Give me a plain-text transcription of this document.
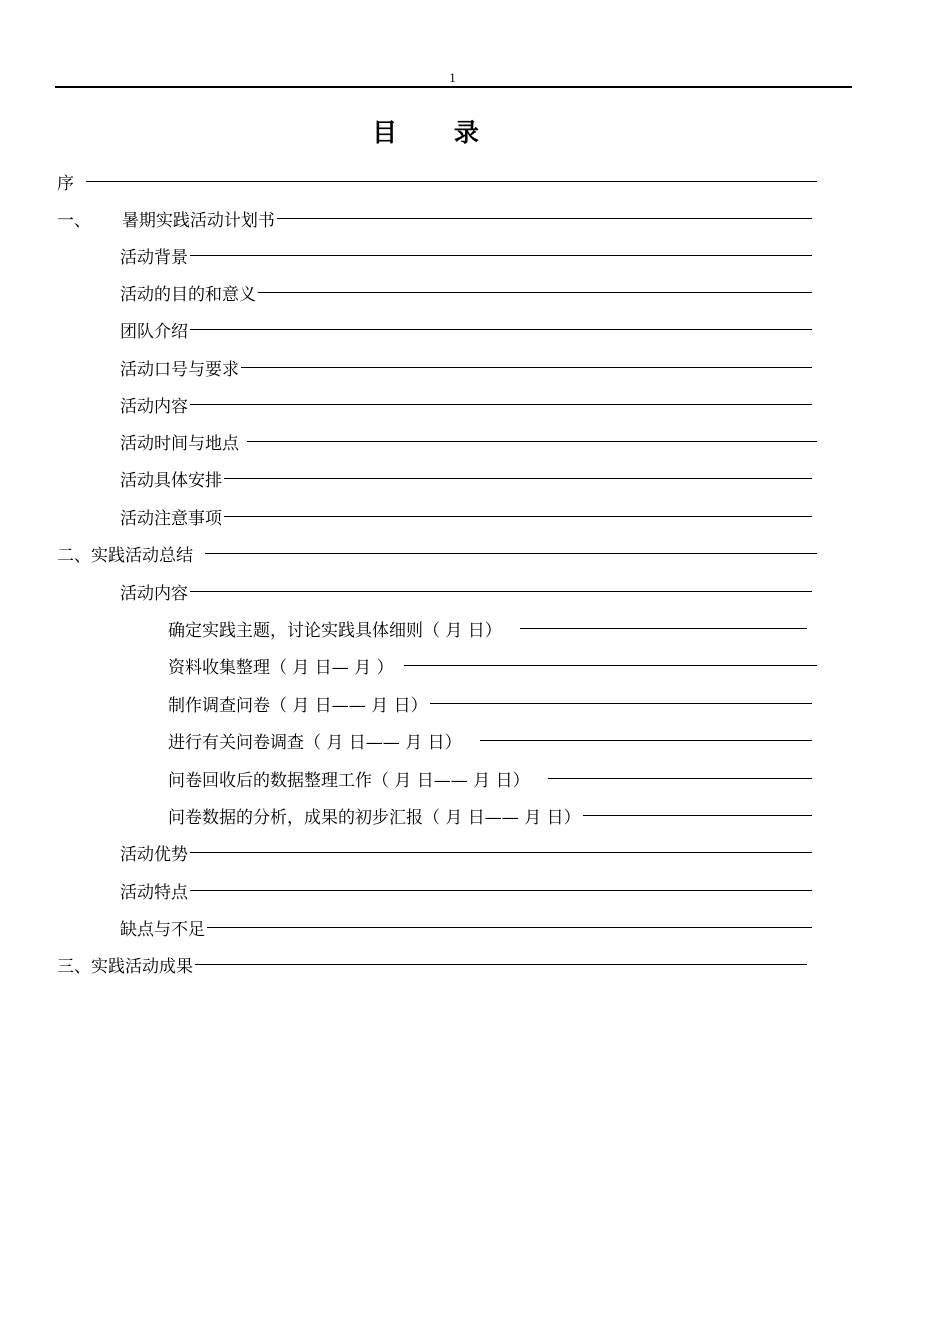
1
目 录
序
一、　　 暑期实践活动计划书
活动背景
活动的目的和意义
团队介绍
活动口号与要求
活动内容
活动时间与地点
活动具体安排
活动注意事项
二、实践活动总结
活动内容
确定实践主题，讨论实践具体细则（ 月 日）
资料收集整理（ 月 日— 月 ）
制作调查问卷（ 月 日—— 月 日）
进行有关问卷调查（ 月 日—— 月 日）
问卷回收后的数据整理工作（ 月 日—— 月 日）
问卷数据的分析，成果的初步汇报（ 月 日—— 月 日）
活动优势
活动特点
缺点与不足
三、实践活动成果
